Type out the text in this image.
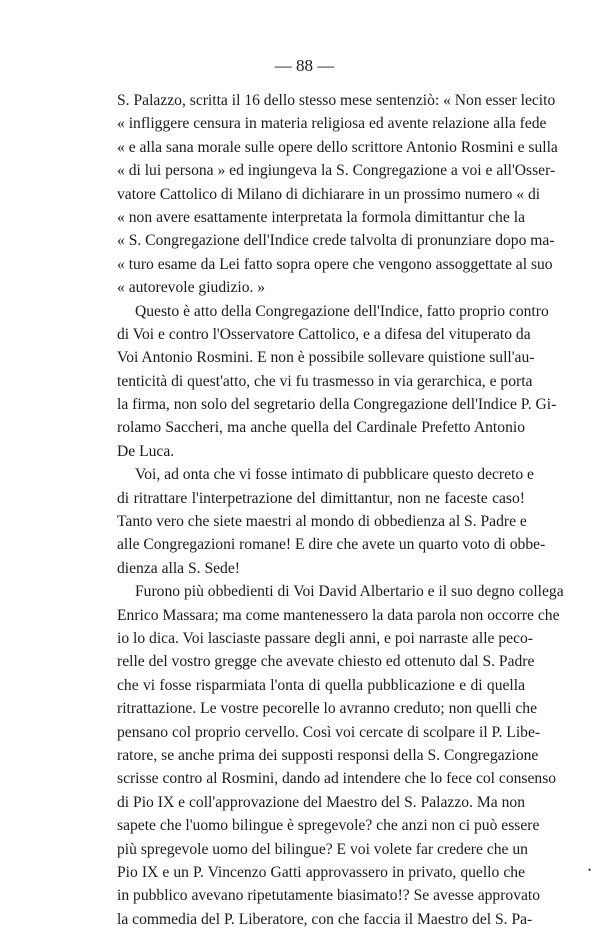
— 88 —
S. Palazzo, scritta il 16 dello stesso mese sentenziò: « Non esser lecito
« infliggere censura in materia religiosa ed avente relazione alla fede
« e alla sana morale sulle opere dello scrittore Antonio Rosmini e sulla
« di lui persona » ed ingiungeva la S. Congregazione a voi e all'Osser-
vatore Cattolico di Milano di dichiarare in un prossimo numero « di
« non avere esattamente interpretata la formola dimittantur che la
« S. Congregazione dell'Indice crede talvolta di pronunziare dopo ma-
« turo esame da Lei fatto sopra opere che vengono assoggettate al suo
« autorevole giudizio. »
Questo è atto della Congregazione dell'Indice, fatto proprio contro
di Voi e contro l'Osservatore Cattolico, e a difesa del vituperato da
Voi Antonio Rosmini. E non è possibile sollevare quistione sull'au-
tenticità di quest'atto, che vi fu trasmesso in via gerarchica, e porta
la firma, non solo del segretario della Congregazione dell'Indice P. Gi-
rolamo Saccheri, ma anche quella del Cardinale Prefetto Antonio
De Luca.
Voi, ad onta che vi fosse intimato di pubblicare questo decreto e
di ritrattare l'interpetrazione del dimittantur, non ne faceste caso!
Tanto vero che siete maestri al mondo di obbedienza al S. Padre e
alle Congregazioni romane! E dire che avete un quarto voto di obbe-
dienza alla S. Sede!
Furono più obbedienti di Voi David Albertario e il suo degno collega
Enrico Massara; ma come mantenessero la data parola non occorre che
io lo dica. Voi lasciaste passare degli anni, e poi narraste alle peco-
relle del vostro gregge che avevate chiesto ed ottenuto dal S. Padre
che vi fosse risparmiata l'onta di quella pubblicazione e di quella
ritrattazione. Le vostre pecorelle lo avranno creduto; non quelli che
pensano col proprio cervello. Così voi cercate di scolpare il P. Libe-
ratore, se anche prima dei supposti responsi della S. Congregazione
scrisse contro al Rosmini, dando ad intendere che lo fece col consenso
di Pio IX e coll'approvazione del Maestro del S. Palazzo. Ma non
sapete che l'uomo bilingue è spregevole? che anzi non ci può essere
più spregevole uomo del bilingue? E voi volete far credere che un
Pio IX e un P. Vincenzo Gatti approvassero in privato, quello che
in pubblico avevano ripetutamente biasimato!? Se avesse approvato
la commedia del P. Liberatore, con che faccia il Maestro del S. Pa-
•
